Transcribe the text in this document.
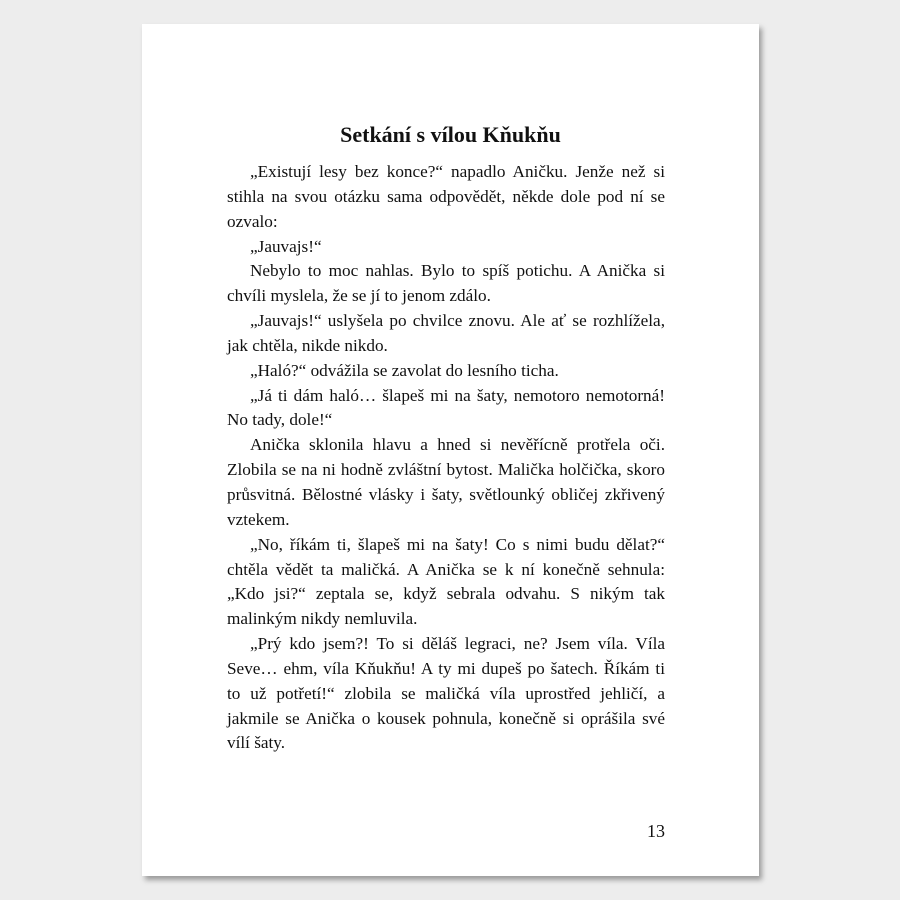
Setkání s vílou Kňukňu

„Existují lesy bez konce?“ napadlo Aničku. Jenže než si stihla na svou otázku sama odpovědět, někde dole pod ní se ozvalo:

„Jauvajs!“

Nebylo to moc nahlas. Bylo to spíš potichu. A Anička si chvíli myslela, že se jí to jenom zdálo.

„Jauvajs!“ uslyšela po chvilce znovu. Ale ať se rozhlížela, jak chtěla, nikde nikdo.

„Haló?“ odvážila se zavolat do lesního ticha.

„Já ti dám haló… šlapeš mi na šaty, nemotoro nemotorná! No tady, dole!“

Anička sklonila hlavu a hned si nevěřícně protřela oči. Zlobila se na ni hodně zvláštní bytost. Malička holčička, skoro průsvitná. Bělostné vlásky i šaty, světlounký obličej zkřivený vztekem.

„No, říkám ti, šlapeš mi na šaty! Co s nimi budu dělat?“ chtěla vědět ta maličká. A Anička se k ní konečně sehnula: „Kdo jsi?“ zeptala se, když sebrala odvahu. S nikým tak malinkým nikdy nemluvila.

„Prý kdo jsem?! To si děláš legraci, ne? Jsem víla. Víla Seve… ehm, víla Kňukňu! A ty mi dupeš po šatech. Říkám ti to už potřetí!“ zlobila se maličká víla uprostřed jehličí, a jakmile se Anička o kousek pohnula, konečně si oprášila své vílí šaty.

13
